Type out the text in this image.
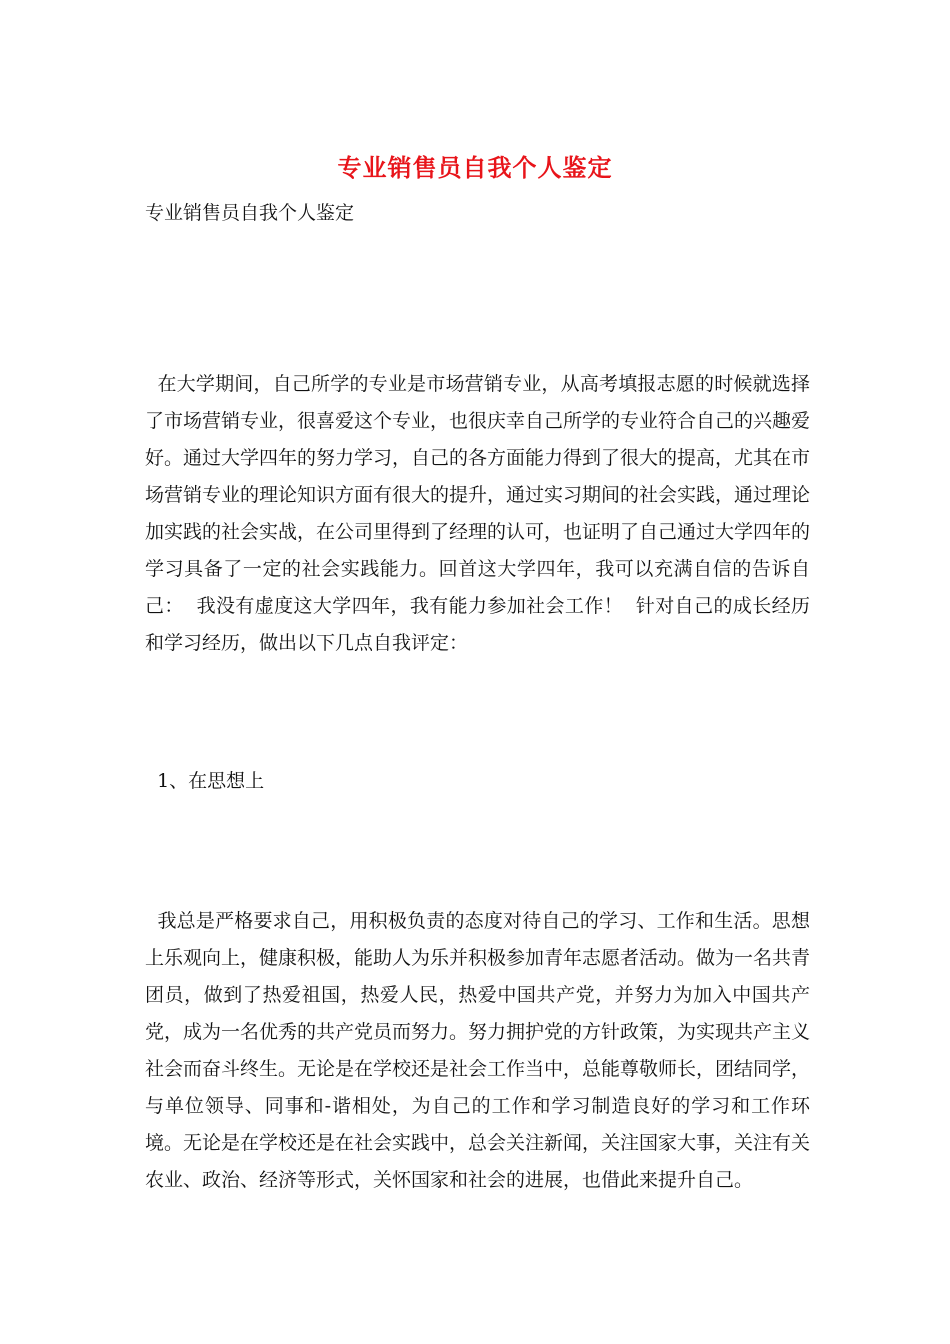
专业销售员自我个人鉴定

专业销售员自我个人鉴定

在大学期间，自己所学的专业是市场营销专业，从高考填报志愿的时候就选择了市场营销专业，很喜爱这个专业，也很庆幸自己所学的专业符合自己的兴趣爱好。通过大学四年的努力学习，自己的各方面能力得到了很大的提高，尤其在市场营销专业的理论知识方面有很大的提升，通过实习期间的社会实践，通过理论加实践的社会实战，在公司里得到了经理的认可，也证明了自己通过大学四年的学习具备了一定的社会实践能力。回首这大学四年，我可以充满自信的告诉自己：  我没有虚度这大学四年，我有能力参加社会工作！  针对自己的成长经历和学习经历，做出以下几点自我评定：

1、在思想上

我总是严格要求自己，用积极负责的态度对待自己的学习、工作和生活。思想上乐观向上，健康积极，能助人为乐并积极参加青年志愿者活动。做为一名共青团员，做到了热爱祖国，热爱人民，热爱中国共产党，并努力为加入中国共产党，成为一名优秀的共产党员而努力。努力拥护党的方针政策，为实现共产主义社会而奋斗终生。无论是在学校还是社会工作当中，总能尊敬师长，团结同学，与单位领导、同事和-谐相处，为自己的工作和学习制造良好的学习和工作环境。无论是在学校还是在社会实践中，总会关注新闻，关注国家大事，关注有关农业、政治、经济等形式，关怀国家和社会的进展，也借此来提升自己。
